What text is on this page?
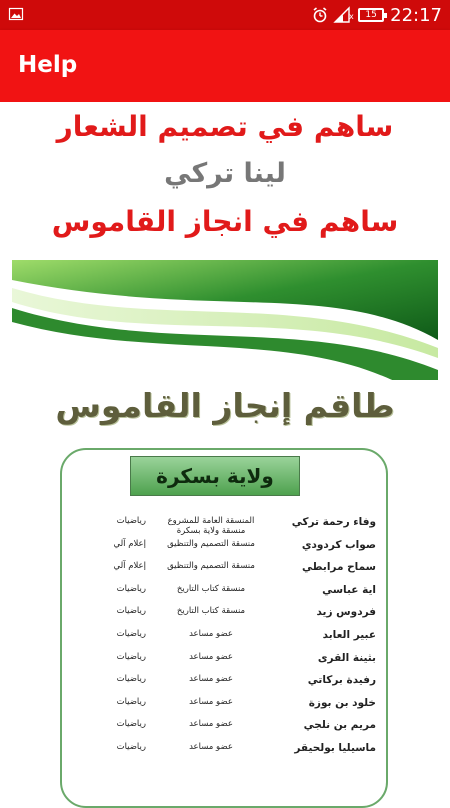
x 15 22:17
Help
ساهم في تصميم الشعار
لينا تركي
ساهم في انجاز القاموس
طاقم إنجاز القاموس
ولاية بسكرة
وفاء رحمة تركي
المنسقة العامة للمشروع منسقة ولاية بسكرة
رياضيات
صواب كردودي
منسقة التصميم والتنظيق
إعلام آلي
سماح مرابطي
منسقة التصميم والتنظيق
إعلام آلي
اية عباسي
منسقة كتاب التاريخ
رياضيات
فردوس زيد
منسقة كتاب التاريخ
رياضيات
عبير العابد
عضو مساعد
رياضيات
بثينة القرى
عضو مساعد
رياضيات
رفيدة بركاتي
عضو مساعد
رياضيات
خلود بن بوزة
عضو مساعد
رياضيات
مريم بن نلجي
عضو مساعد
رياضيات
ماسيليا بولحيقر
عضو مساعد
رياضيات
